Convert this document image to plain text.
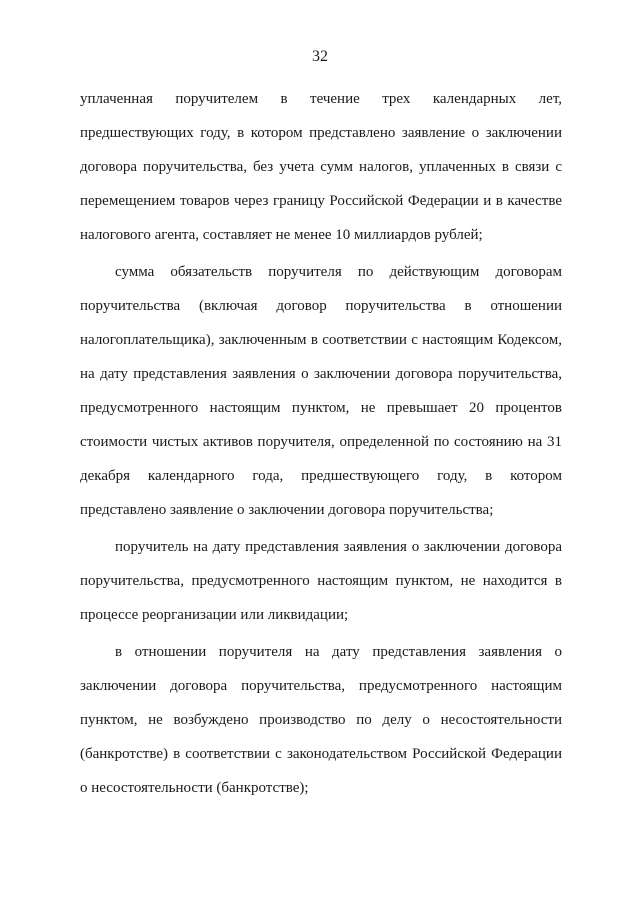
32
уплаченная поручителем в течение трех календарных лет,
предшествующих году, в котором представлено заявление о заключении
договора поручительства, без учета сумм налогов, уплаченных в связи с
перемещением товаров через границу Российской Федерации и в качестве
налогового агента, составляет не менее 10 миллиардов рублей;
сумма обязательств поручителя по действующим договорам
поручительства (включая договор поручительства в отношении
налогоплательщика), заключенным в соответствии с настоящим Кодексом,
на дату представления заявления о заключении договора поручительства,
предусмотренного настоящим пунктом, не превышает 20 процентов
стоимости чистых активов поручителя, определенной по состоянию на 31
декабря календарного года, предшествующего году, в котором
представлено заявление о заключении договора поручительства;
поручитель на дату представления заявления о заключении договора
поручительства, предусмотренного настоящим пунктом, не находится в
процессе реорганизации или ликвидации;
в отношении поручителя на дату представления заявления о
заключении договора поручительства, предусмотренного настоящим
пунктом, не возбуждено производство по делу о несостоятельности
(банкротстве) в соответствии с законодательством Российской Федерации
о несостоятельности (банкротстве);
